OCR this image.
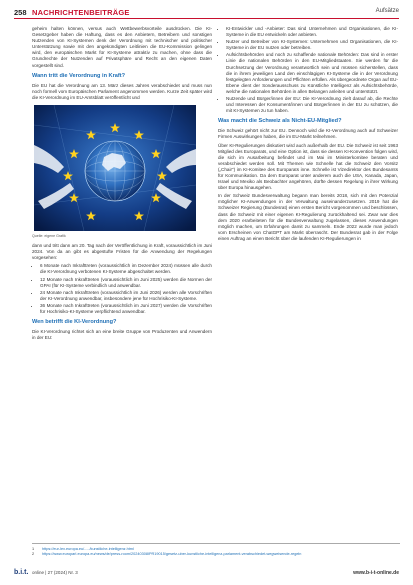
258 NACHRICHTENBEITRÄGE	Aufsätze

geheim halten können, versus auch Wettbewerbsvorteile ausdrücken. Die KI-Gesetzgeber haben die Haftung, dass es den Anbietern, Betreibern und sonstigen Nutzenden von KI-Systemen denk der Verordnung mit technischer und politischer Unterstützung sowie mit den angekündigten Leitlinien die EU-Kommission gelingen wird, den europäischen Markt für KI-Systeme attraktiv zu machen, ohne dass die Grundrechte der Nutzenden auf Privatsphäre und Recht an den eigenen Daten vorgestellt sind.

Wann tritt die Verordnung in Kraft?

Die EU hat die Verordnung am 13. März dieses Jahres verabschiedet und muss nun noch formell vom Europäischen Parlament angenommen werden. Kurze Zeit später wird die KI-Verordnung im EU-Amtsblatt veröffentlicht und

Quelle: eigene Grafik

dann und tritt dann am 20. Tag nach der Veröffentlichung in Kraft, voraussichtlich im Juni 2024. Von da an gibt es abgestufte Fristen für die Anwendung der Regelungen vorgesehen:

• 6 Monate nach Inkrafttreten (voraussichtlich im Dezember 2024) müssen alle durch die KI-Verordnung verbotenen KI-Systeme abgeschaltet werden.
• 12 Monate nach Inkrafttreten (voraussichtlich im Juni 2025) werden die Normen der GPAI (für KI-Systeme verbindlich und anwendbar.
• 24 Monate nach Inkrafttreten (voraussichtlich im Juni 2026) werden alle Vorschriften der KI-Verordnung anwendbar, insbesondere jene für Hochrisiko-KI-Systeme.
• 36 Monate nach Inkrafttreten (voraussichtlich im Juni 2027) werden die Vorschriften für Hochrisiko-KI-Systeme verpflichtend anwendbar.
Wen betrifft die KI-Verordnung?

Die KI-Verordnung richtet sich an eine breite Gruppe von Produzenten und Anwendern in der EU:

• KI-Entwickler und -Anbieter: Das sind Unternehmen und Organisationen, die KI-Systeme in die EU entwickeln oder anbieten.
• Nutzer und Betreiber von KI-Systemen: Unternehmen und Organisationen, die KI-Systeme in der EU nutzen oder betreiben.
• Aufsichtsbehörden und noch zu schaffende nationale Behörden: Das sind in erster Linie die nationalen Behörden in den EU-Mitgliedstaaten. Sie werden für die Durchsetzung der Verordnung verantwortlich sein und müssen sicherstellen, dass die in ihrem jeweiligen Land den einschlägigen KI-Systeme die in der Verordnung festgelegten Anforderungen und Pflichten erfüllen. Als übergeordnete Organ auf EU-Ebene dient der Sonderausschuss zu Künstliche Intelligenz als Aufsichtsbehörde, welche die nationalen Behörden in allen Belangen anleiten und unterstützt.
• Nutzende und Bürger/innen der EU: Die KI-Verordnung zielt darauf ab, die Rechte und Interessen der Konsument/innen und Bürger/innen in der EU zu schützen, die mit KI-Systemen zu tun haben.
Was macht die Schweiz als Nicht-EU-Mitglied?

Die Schweiz gehört nicht zur EU. Dennoch wird die KI-Verordnung auch auf Schweizer Firmen Auswirkungen haben, die im EU-Markt teilnehmen.

Über KI-Regulierungen diskutiert wird auch außerhalb der EU. Die Schweiz ist seit 1963 Mitglied des Europarats, und eine Option ist, dass sie dessen KI-Konvention folgen wird, die sich im Ausarbeitung befindet und im Mai im Ministerkomitee beraten und verabschiedet werden soll. Mit Themen wie Schnelle hat die Schweiz den Vorsitz („Chair“) im KI-Komitee des Europarats inne. Schnelle ist Vizedirektor des Bundesamts für Kommunikation. Da dem Europarat unter anderem auch die USA, Kanada, Japan, Israel und Mexiko als Beobachter angehören, dürfte dessen Regelung in ihrer Wirkung über Europa hinausgehen.

In der Schweiz Bundesverwaltung begann man bereits 2018, sich mit den Potenzial möglicher KI-Anwendungen in der Verwaltung auseinanderzusetzen. 2019 hat die Schweizer Regierung (Bundesrat) einen ersten Bericht vorgenommen und beschlossen, dass die Schweiz mit einer eigenen KI-Regulierung zurückhaltend sei. Zwar war dies dem 2020 erarbeiteten für die Bundesverwaltung zugelassen, dieses Anwendungen möglich machen, um Erfahrungen damit zu sammeln. Ende 2022 wurde man jedoch vom Erscheinen von ChatGPT am Markt überrascht. Der Bundesrat gab in der Folge einen Auftrag an einen Bericht über die laufenden KI-Regulierungen in

1	https://eur-lex.europa.eu/...../kunstliche-intelligenz.html
2	https://www.europarl.europa.eu/news/de/press-room/20240308IPR19015/gesetz-uber-kunstliche-intelligenz-parlament-verabschiedet-wegweisende-regeln
b.i.t. online | 27 (2024) Nr. 3	www.b-i-t-online.de
